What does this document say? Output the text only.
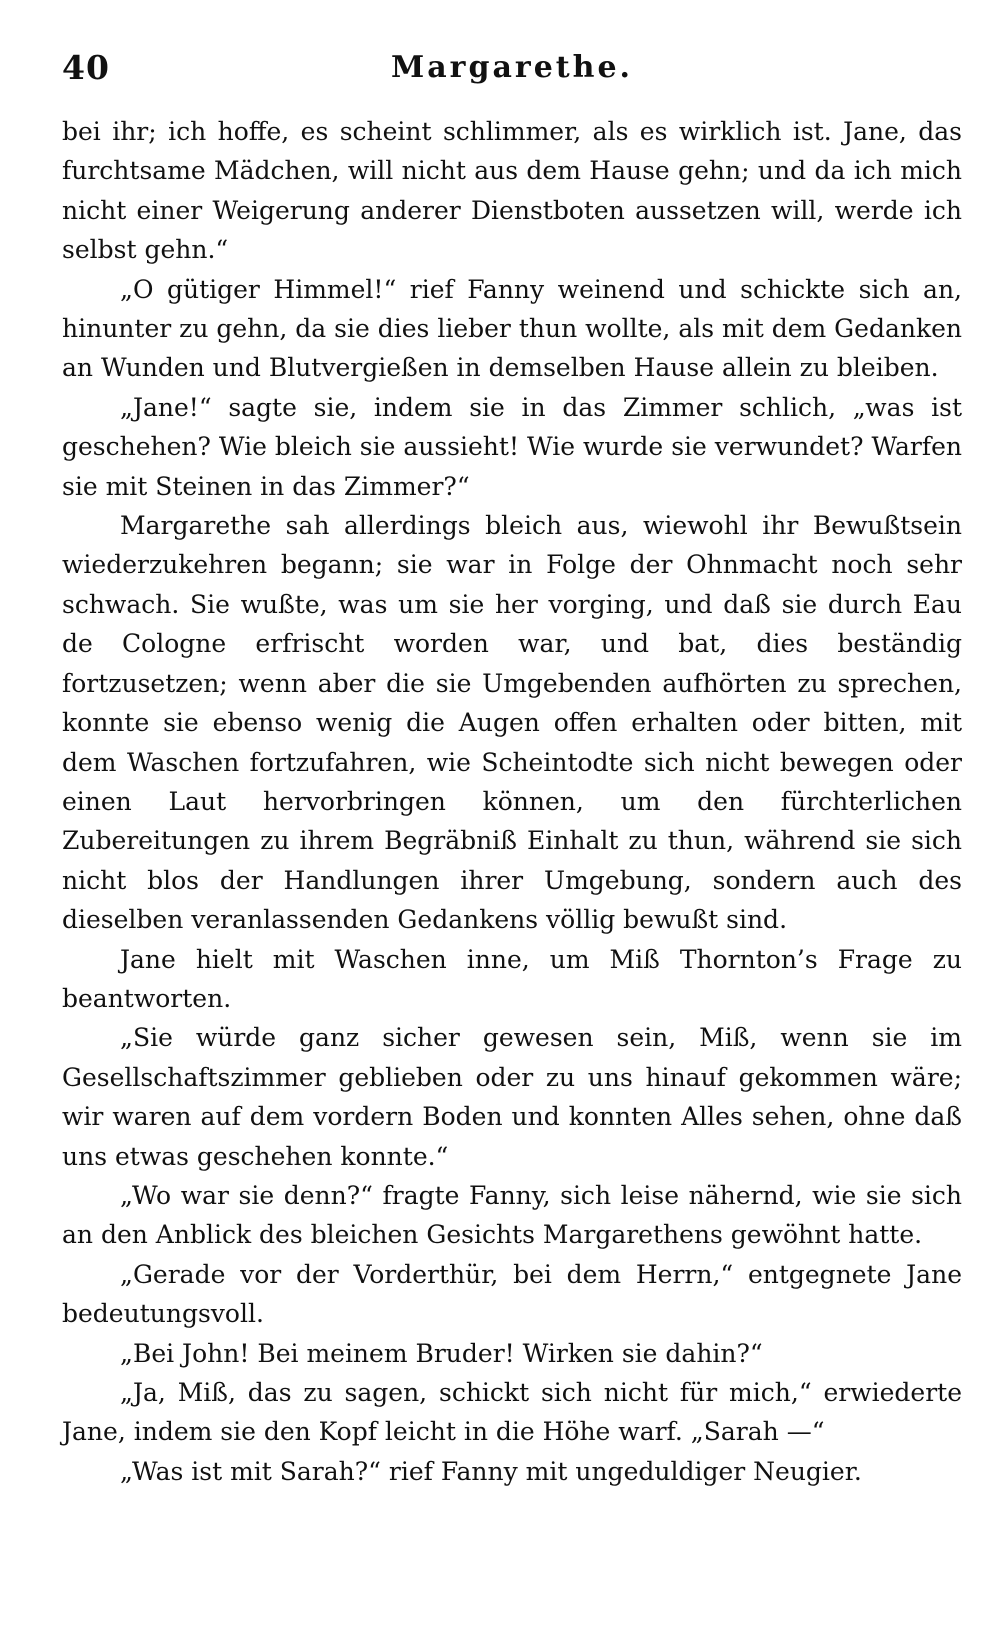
40	Margarethe.

bei ihr; ich hoffe, es scheint schlimmer, als es wirklich ist. Jane, das furchtsame Mädchen, will nicht aus dem Hause gehn; und da ich mich nicht einer Weigerung anderer Dienstboten aussetzen will, werde ich selbst gehn.“

„O gütiger Himmel!“ rief Fanny weinend und schickte sich an, hinunter zu gehn, da sie dies lieber thun wollte, als mit dem Gedanken an Wunden und Blutvergießen in demselben Hause allein zu bleiben.

„Jane!“ sagte sie, indem sie in das Zimmer schlich, „was ist geschehen? Wie bleich sie aussieht! Wie wurde sie verwundet? Warfen sie mit Steinen in das Zimmer?“

Margarethe sah allerdings bleich aus, wiewohl ihr Bewußtsein wiederzukehren begann; sie war in Folge der Ohnmacht noch sehr schwach. Sie wußte, was um sie her vorging, und daß sie durch Eau de Cologne erfrischt worden war, und bat, dies beständig fortzusetzen; wenn aber die sie Umgebenden aufhörten zu sprechen, konnte sie ebenso wenig die Augen offen erhalten oder bitten, mit dem Waschen fortzufahren, wie Scheintodte sich nicht bewegen oder einen Laut hervorbringen können, um den fürchterlichen Zubereitungen zu ihrem Begräbniß Einhalt zu thun, während sie sich nicht blos der Handlungen ihrer Umgebung, sondern auch des dieselben veranlassenden Gedankens völlig bewußt sind.

Jane hielt mit Waschen inne, um Miß Thornton’s Frage zu beantworten.

„Sie würde ganz sicher gewesen sein, Miß, wenn sie im Gesellschaftszimmer geblieben oder zu uns hinauf gekommen wäre; wir waren auf dem vordern Boden und konnten Alles sehen, ohne daß uns etwas geschehen konnte.“

„Wo war sie denn?“ fragte Fanny, sich leise nähernd, wie sie sich an den Anblick des bleichen Gesichts Margarethens gewöhnt hatte.

„Gerade vor der Vorderthür, bei dem Herrn,“ entgegnete Jane bedeutungsvoll.

„Bei John! Bei meinem Bruder! Wirken sie dahin?“

„Ja, Miß, das zu sagen, schickt sich nicht für mich,“ erwiederte Jane, indem sie den Kopf leicht in die Höhe warf. „Sarah —“

„Was ist mit Sarah?“ rief Fanny mit ungeduldiger Neugier.
